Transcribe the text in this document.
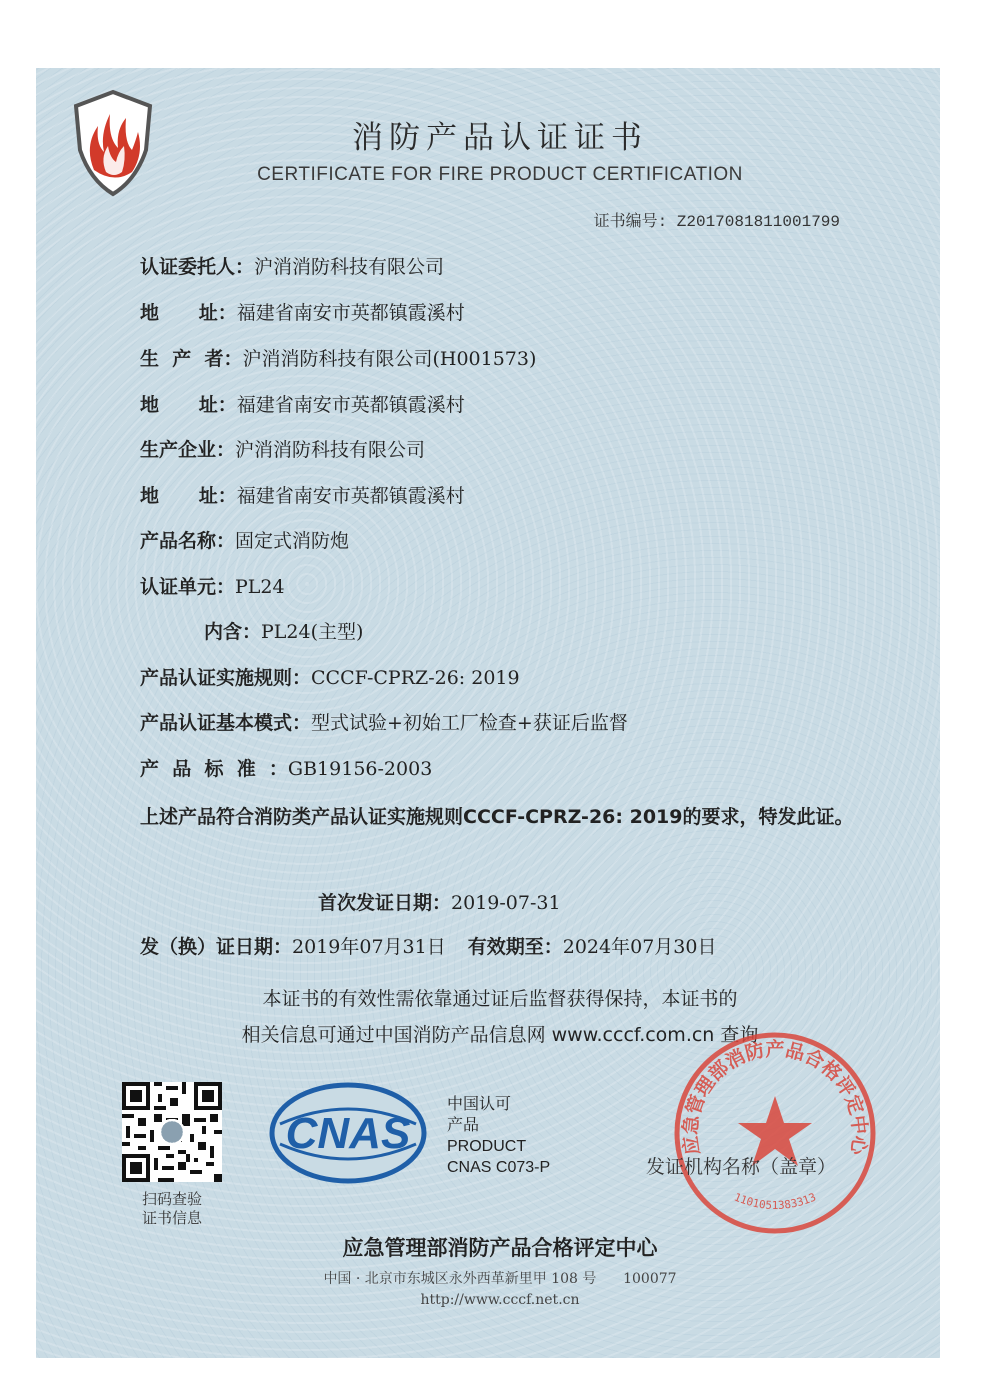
消防产品认证证书
CERTIFICATE FOR FIRE PRODUCT CERTIFICATION
证书编号: Z2017081811001799
认证委托人：沪消消防科技有限公司
地      址：福建省南安市英都镇霞溪村
生  产  者：沪消消防科技有限公司(H001573)
地      址：福建省南安市英都镇霞溪村
生产企业：沪消消防科技有限公司
地      址：福建省南安市英都镇霞溪村
产品名称：固定式消防炮
认证单元：PL24
内含：PL24(主型)
产品认证实施规则：CCCF-CPRZ-26: 2019
产品认证基本模式：型式试验+初始工厂检查+获证后监督
产  品  标  准  ：GB19156-2003
上述产品符合消防类产品认证实施规则CCCF-CPRZ-26: 2019的要求，特发此证。
首次发证日期：2019-07-31
发（换）证日期：2019年07月31日 有效期至：2024年07月30日
本证书的有效性需依靠通过证后监督获得保持，本证书的
相关信息可通过中国消防产品信息网 www.cccf.com.cn 查询
扫码查验
证书信息
CNAS
中国认可
产品
PRODUCT
CNAS C073-P
应急管理部消防产品合格评定中心
1101051383313
发证机构名称（盖章）
应急管理部消防产品合格评定中心
中国 · 北京市东城区永外西革新里甲 108 号      100077
http://www.cccf.net.cn
